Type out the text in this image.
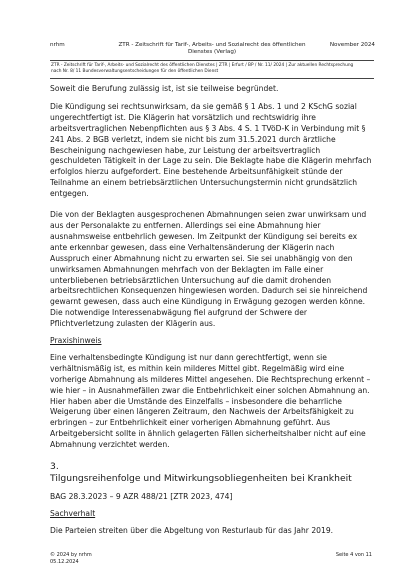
nrhm	ZTR - Zeitschrift für Tarif-, Arbeits- und Sozialrecht des öffentlichen
Dienstes (Verlag)
November 2024
ZTR - Zeitschrift für Tarif-, Arbeits- und Sozialrecht des öffentlichen Dienstes | ZTR | Erfurt / BP / Nr. 11/ 2024 | Zur aktuellen Rechtsprechung
nach Nr. 8/ 11 Bundesverwaltungsentscheidungen für den öffentlichen Dienst

Soweit die Berufung zulässig ist, ist sie teilweise begründet.

Die Kündigung sei rechtsunwirksam, da sie gemäß § 1 Abs. 1 und 2 KSchG sozial ungerechtfertigt ist. Die Klägerin hat vorsätzlich und rechtswidrig ihre arbeitsvertraglichen Nebenpflichten aus § 3 Abs. 4 S. 1 TVöD-K in Verbindung mit § 241 Abs. 2 BGB verletzt, indem sie nicht bis zum 31.5.2021 durch ärztliche Bescheinigung nachgewiesen habe, zur Leistung der arbeitsvertraglich geschuldeten Tätigkeit in der Lage zu sein. Die Beklagte habe die Klägerin mehrfach erfolglos hierzu aufgefordert. Eine bestehende Arbeitsunfähigkeit stünde der Teilnahme an einem betriebsärztlichen Untersuchungstermin nicht grundsätzlich entgegen.

Die von der Beklagten ausgesprochenen Abmahnungen seien zwar unwirksam und aus der Personalakte zu entfernen. Allerdings sei eine Abmahnung hier ausnahmsweise entbehrlich gewesen. Im Zeitpunkt der Kündigung sei bereits ex ante erkennbar gewesen, dass eine Verhaltensänderung der Klägerin nach Ausspruch einer Abmahnung nicht zu erwarten sei. Sie sei unabhängig von den unwirksamen Abmahnungen mehrfach von der Beklagten im Falle einer unterbliebenen betriebsärztlichen Untersuchung auf die damit drohenden arbeitsrechtlichen Konsequenzen hingewiesen worden. Dadurch sei sie hinreichend gewarnt gewesen, dass auch eine Kündigung in Erwägung gezogen werden könne. Die notwendige Interessenabwägung fiel aufgrund der Schwere der Pflichtverletzung zulasten der Klägerin aus.

Praxishinweis

Eine verhaltensbedingte Kündigung ist nur dann gerechtfertigt, wenn sie verhältnismäßig ist, es mithin kein milderes Mittel gibt. Regelmäßig wird eine vorherige Abmahnung als milderes Mittel angesehen. Die Rechtsprechung erkennt – wie hier – in Ausnahmefällen zwar die Entbehrlichkeit einer solchen Abmahnung an. Hier haben aber die Umstände des Einzelfalls – insbesondere die beharrliche Weigerung über einen längeren Zeitraum, den Nachweis der Arbeitsfähigkeit zu erbringen – zur Entbehrlichkeit einer vorherigen Abmahnung geführt. Aus Arbeitgebersicht sollte in ähnlich gelagerten Fällen sicherheitshalber nicht auf eine Abmahnung verzichtet werden.

3.

Tilgungsreihenfolge und Mitwirkungsobliegenheiten bei Krankheit

BAG 28.3.2023 – 9 AZR 488/21 [ZTR 2023, 474]

Sachverhalt

Die Parteien streiten über die Abgeltung von Resturlaub für das Jahr 2019.

© 2024 by nrhm
05.12.2024
Seite 4 von 11
